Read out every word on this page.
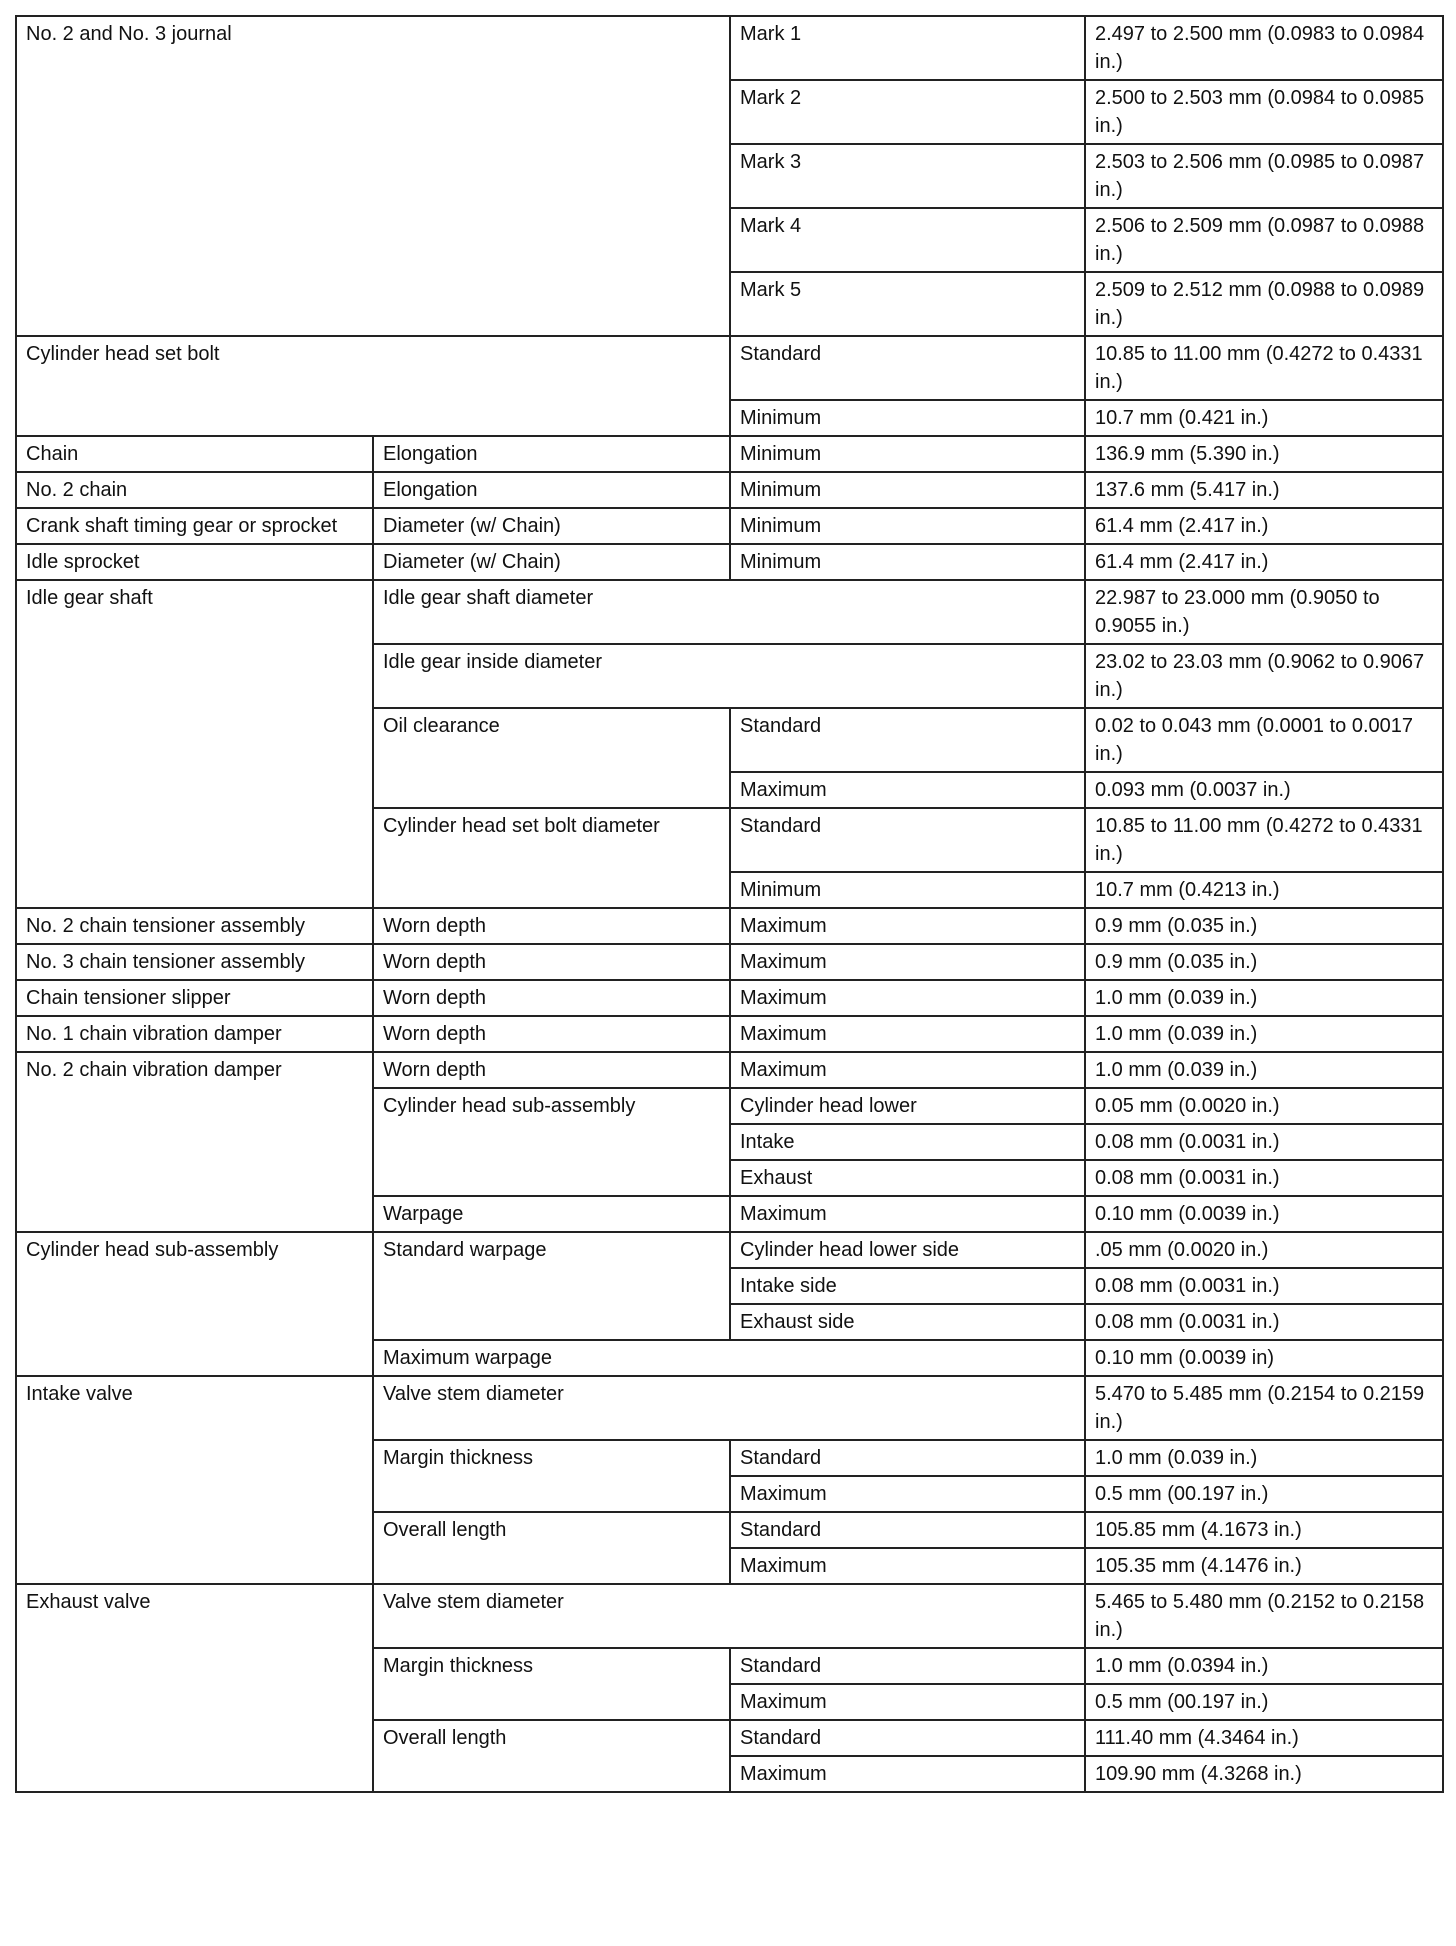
No. 2 and No. 3 journal		Mark 1	2.497 to 2.500 mm (0.0983 to 0.0984 in.)
		Mark 2	2.500 to 2.503 mm (0.0984 to 0.0985 in.)
		Mark 3	2.503 to 2.506 mm (0.0985 to 0.0987 in.)
		Mark 4	2.506 to 2.509 mm (0.0987 to 0.0988 in.)
		Mark 5	2.509 to 2.512 mm (0.0988 to 0.0989 in.)
Cylinder head set bolt		Standard	10.85 to 11.00 mm (0.4272 to 0.4331 in.)
		Minimum	10.7 mm (0.421 in.)
Chain	Elongation	Minimum	136.9 mm (5.390 in.)
No. 2 chain	Elongation	Minimum	137.6 mm (5.417 in.)
Crank shaft timing gear or sprocket	Diameter (w/ Chain)	Minimum	61.4 mm (2.417 in.)
Idle sprocket	Diameter (w/ Chain)	Minimum	61.4 mm (2.417 in.)
Idle gear shaft	Idle gear shaft diameter		22.987 to 23.000 mm (0.9050 to 0.9055 in.)
	Idle gear inside diameter		23.02 to 23.03 mm (0.9062 to 0.9067 in.)
	Oil clearance	Standard	0.02 to 0.043 mm (0.0001 to 0.0017 in.)
		Maximum	0.093 mm (0.0037 in.)
	Cylinder head set bolt diameter	Standard	10.85 to 11.00 mm (0.4272 to 0.4331 in.)
		Minimum	10.7 mm (0.4213 in.)
No. 2 chain tensioner assembly	Worn depth	Maximum	0.9 mm (0.035 in.)
No. 3 chain tensioner assembly	Worn depth	Maximum	0.9 mm (0.035 in.)
Chain tensioner slipper	Worn depth	Maximum	1.0 mm (0.039 in.)
No. 1 chain vibration damper	Worn depth	Maximum	1.0 mm (0.039 in.)
No. 2 chain vibration damper	Worn depth	Maximum	1.0 mm (0.039 in.)
	Cylinder head sub-assembly	Cylinder head lower	0.05 mm (0.0020 in.)
		Intake	0.08 mm (0.0031 in.)
		Exhaust	0.08 mm (0.0031 in.)
	Warpage	Maximum	0.10 mm (0.0039 in.)
Cylinder head sub-assembly	Standard warpage	Cylinder head lower side	.05 mm (0.0020 in.)
		Intake side	0.08 mm (0.0031 in.)
		Exhaust side	0.08 mm (0.0031 in.)
	Maximum warpage		0.10 mm (0.0039 in)
Intake valve	Valve stem diameter		5.470 to 5.485 mm (0.2154 to 0.2159 in.)
	Margin thickness	Standard	1.0 mm (0.039 in.)
		Maximum	0.5 mm (00.197 in.)
	Overall length	Standard	105.85 mm (4.1673 in.)
		Maximum	105.35 mm (4.1476 in.)
Exhaust valve	Valve stem diameter		5.465 to 5.480 mm (0.2152 to 0.2158 in.)
	Margin thickness	Standard	1.0 mm (0.0394 in.)
		Maximum	0.5 mm (00.197 in.)
	Overall length	Standard	111.40 mm (4.3464 in.)
		Maximum	109.90 mm (4.3268 in.)
